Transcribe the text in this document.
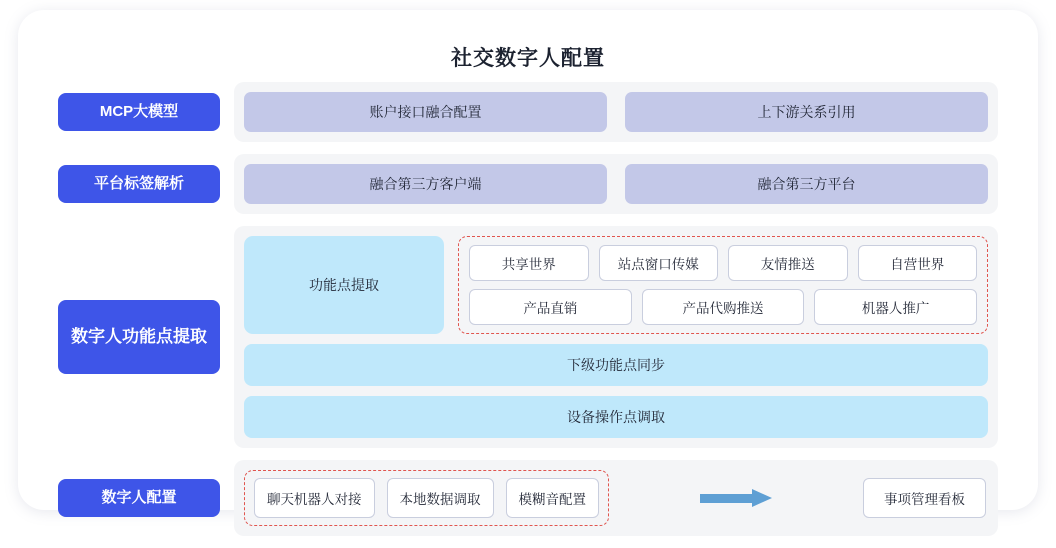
社交数字人配置
MCP大模型	账户接口融合配置	上下游关系引用
平台标签解析	融合第三方客户端	融合第三方平台
数字人功能点提取
功能点提取
共享世界	站点窗口传媒	友情推送	自营世界
产品直销	产品代购推送	机器人推广
下级功能点同步
设备操作点调取
数字人配置	聊天机器人对接	本地数据调取	模糊音配置	事项管理看板
